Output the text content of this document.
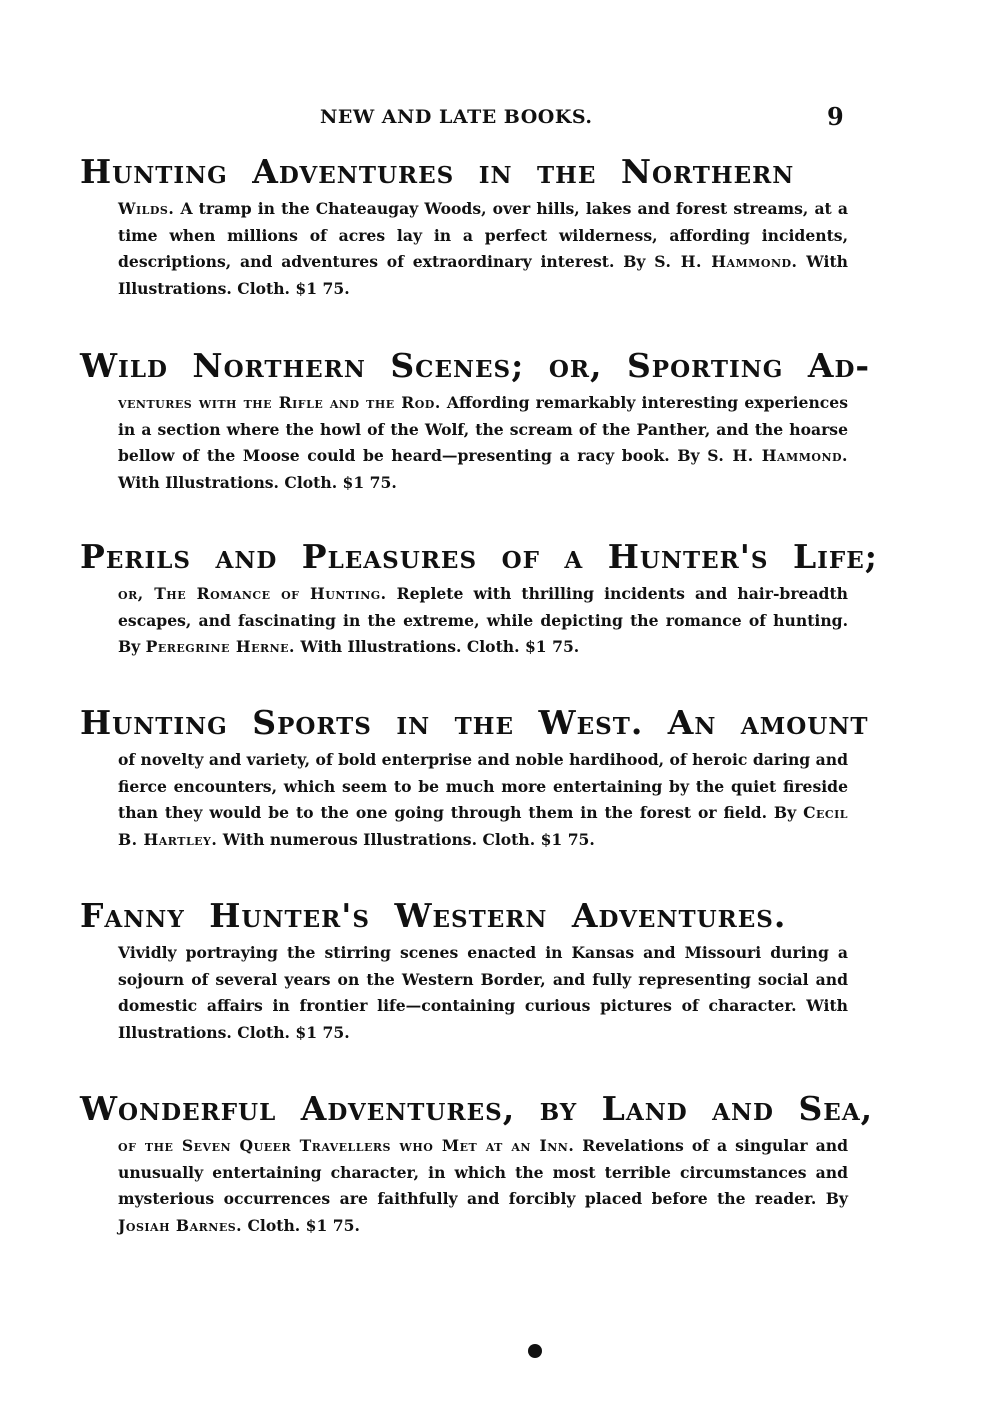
NEW AND LATE BOOKS.	9
Hunting Adventures in the Northern
Wilds. A tramp in the Chateaugay Woods, over hills, lakes and forest streams, at a time when millions of acres lay in a perfect wilderness, affording incidents, descriptions, and adventures of extraordinary interest. By S. H. Hammond. With Illustrations. Cloth. $1 75.
Wild Northern Scenes; or, Sporting Ad-
ventures with the Rifle and the Rod. Affording remarkably interesting experiences in a section where the howl of the Wolf, the scream of the Panther, and the hoarse bellow of the Moose could be heard—presenting a racy book. By S. H. Hammond. With Illustrations. Cloth. $1 75.
Perils and Pleasures of a Hunter's Life;
or, The Romance of Hunting. Replete with thrilling incidents and hair-breadth escapes, and fascinating in the extreme, while depicting the romance of hunting. By Peregrine Herne. With Illustrations. Cloth. $1 75.
Hunting Sports in the West. An amount
of novelty and variety, of bold enterprise and noble hardihood, of heroic daring and fierce encounters, which seem to be much more entertaining by the quiet fireside than they would be to the one going through them in the forest or field. By Cecil B. Hartley. With numerous Illustrations. Cloth. $1 75.
Fanny Hunter's Western Adventures.
Vividly portraying the stirring scenes enacted in Kansas and Missouri during a sojourn of several years on the Western Border, and fully representing social and domestic affairs in frontier life—containing curious pictures of character. With Illustrations. Cloth. $1 75.
Wonderful Adventures, by Land and Sea,
of the Seven Queer Travellers who Met at an Inn. Revelations of a singular and unusually entertaining character, in which the most terrible circumstances and mysterious occurrences are faithfully and forcibly placed before the reader. By Josiah Barnes. Cloth. $1 75.
